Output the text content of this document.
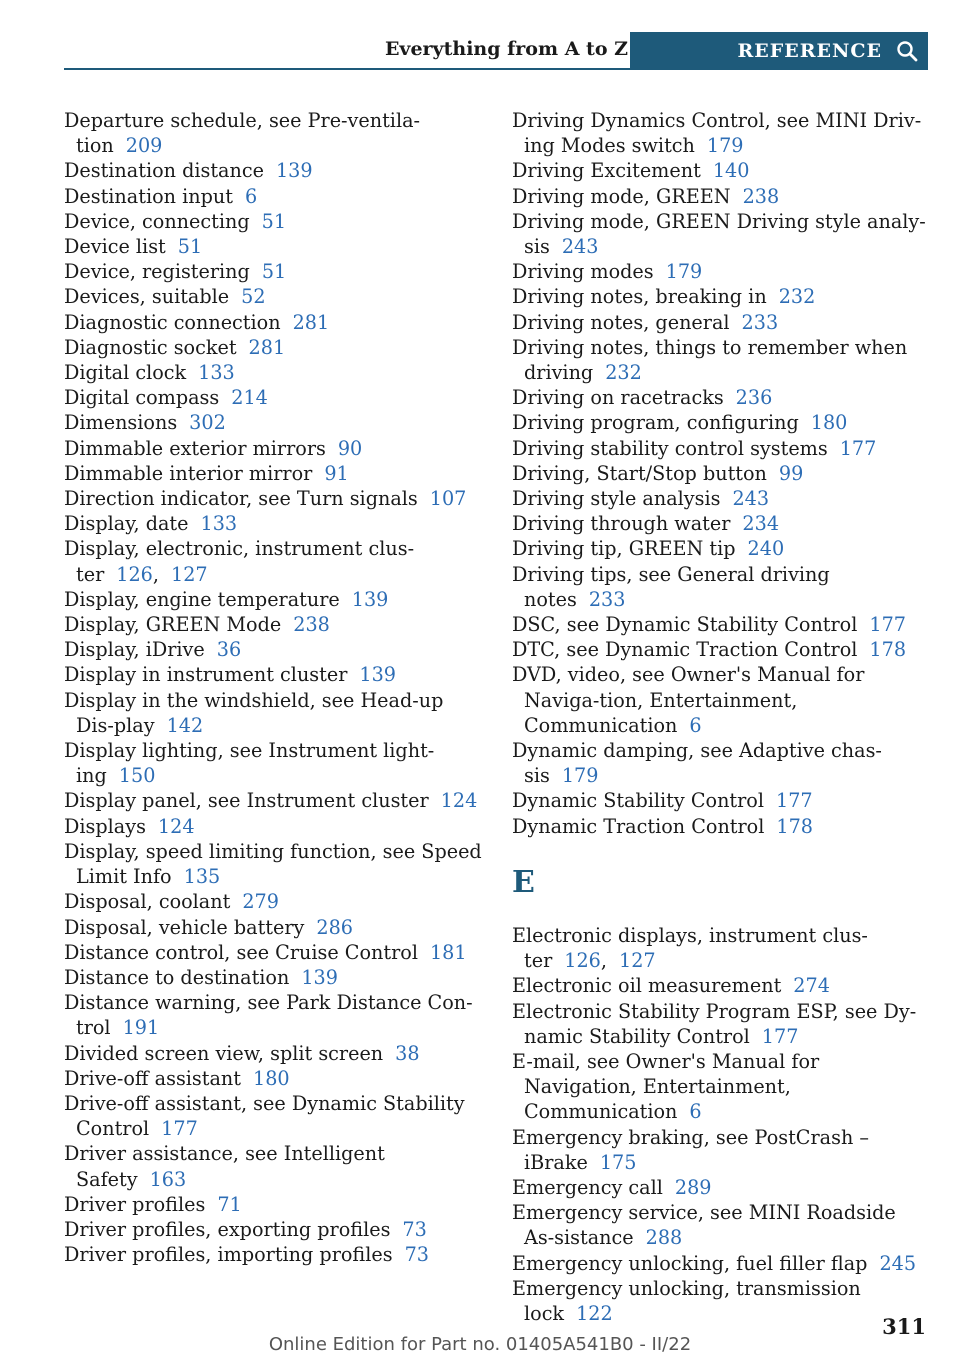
Everything from A to Z	REFERENCE
Departure schedule, see Pre-ventila-tion 209
Destination distance 139
Destination input 6
Device, connecting 51
Device list 51
Device, registering 51
Devices, suitable 52
Diagnostic connection 281
Diagnostic socket 281
Digital clock 133
Digital compass 214
Dimensions 302
Dimmable exterior mirrors 90
Dimmable interior mirror 91
Direction indicator, see Turn signals 107
Display, date 133
Display, electronic, instrument clus-ter 126, 127
Display, engine temperature 139
Display, GREEN Mode 238
Display, iDrive 36
Display in instrument cluster 139
Display in the windshield, see Head-up Dis-play 142
Display lighting, see Instrument light-ing 150
Display panel, see Instrument cluster 124
Displays 124
Display, speed limiting function, see Speed Limit Info 135
Disposal, coolant 279
Disposal, vehicle battery 286
Distance control, see Cruise Control 181
Distance to destination 139
Distance warning, see Park Distance Con-trol 191
Divided screen view, split screen 38
Drive-off assistant 180
Drive-off assistant, see Dynamic Stability Control 177
Driver assistance, see Intelligent Safety 163
Driver profiles 71
Driver profiles, exporting profiles 73
Driver profiles, importing profiles 73
Driving Dynamics Control, see MINI Driv-ing Modes switch 179
Driving Excitement 140
Driving mode, GREEN 238
Driving mode, GREEN Driving style analy-sis 243
Driving modes 179
Driving notes, breaking in 232
Driving notes, general 233
Driving notes, things to remember when driving 232
Driving on racetracks 236
Driving program, configuring 180
Driving stability control systems 177
Driving, Start/Stop button 99
Driving style analysis 243
Driving through water 234
Driving tip, GREEN tip 240
Driving tips, see General driving notes 233
DSC, see Dynamic Stability Control 177
DTC, see Dynamic Traction Control 178
DVD, video, see Owner's Manual for Naviga-tion, Entertainment, Communication 6
Dynamic damping, see Adaptive chas-sis 179
Dynamic Stability Control 177
Dynamic Traction Control 178
E
Electronic displays, instrument clus-ter 126, 127
Electronic oil measurement 274
Electronic Stability Program ESP, see Dy-namic Stability Control 177
E-mail, see Owner's Manual for Navigation, Entertainment, Communication 6
Emergency braking, see PostCrash – iBrake 175
Emergency call 289
Emergency service, see MINI Roadside As-sistance 288
Emergency unlocking, fuel filler flap 245
Emergency unlocking, transmission lock 122
311
Online Edition for Part no. 01405A541B0 - II/22
